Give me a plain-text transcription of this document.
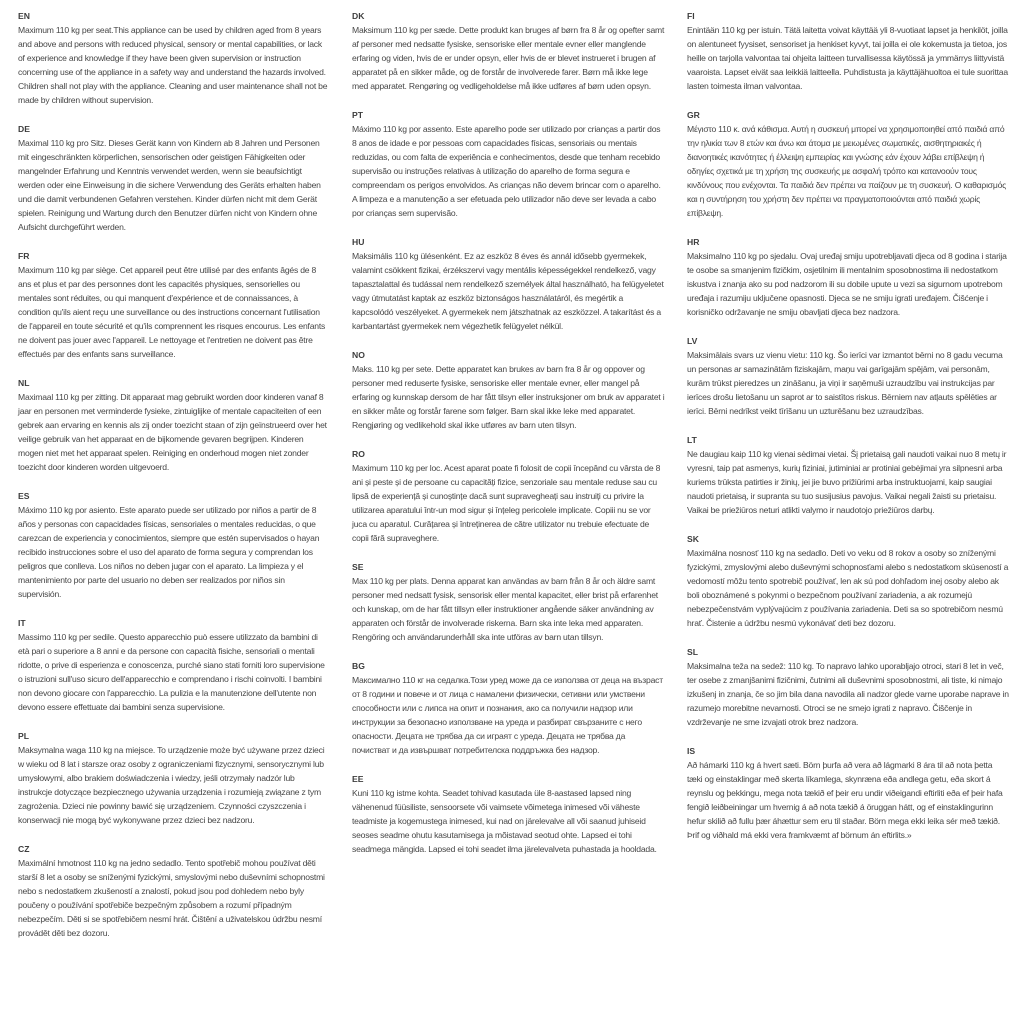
EN
Maximum 110 kg per seat.This appliance can be used by children aged from 8 years and above and persons with reduced physical, sensory or mental capabilities, or lack of experience and knowledge if they have been given supervision or instruction concerning use of the appliance in a safety way and understand the hazards involved. Children shall not play with the appliance. Cleaning and user maintenance shall not be made by children without supervision.
DE
Maximal 110 kg pro Sitz. Dieses Gerät kann von Kindern ab 8 Jahren und Personen mit eingeschränkten körperlichen, sensorischen oder geistigen Fähigkeiten oder mangelnder Erfahrung und Kenntnis verwendet werden, wenn sie beaufsichtigt werden oder eine Einweisung in die sichere Verwendung des Geräts erhalten haben und die damit verbundenen Gefahren verstehen. Kinder dürfen nicht mit dem Gerät spielen. Reinigung und Wartung durch den Benutzer dürfen nicht von Kindern ohne Aufsicht durchgeführt werden.
FR
Maximum 110 kg par siège. Cet appareil peut être utilisé par des enfants âgés de 8 ans et plus et par des personnes dont les capacités physiques, sensorielles ou mentales sont réduites, ou qui manquent d'expérience et de connaissances, à condition qu'ils aient reçu une surveillance ou des instructions concernant l'utilisation de l'appareil en toute sécurité et qu'ils comprennent les risques encourus. Les enfants ne doivent pas jouer avec l'appareil. Le nettoyage et l'entretien ne doivent pas être effectués par des enfants sans surveillance.
NL
Maximaal 110 kg per zitting. Dit apparaat mag gebruikt worden door kinderen vanaf 8 jaar en personen met verminderde fysieke, zintuiglijke of mentale capaciteiten of een gebrek aan ervaring en kennis als zij onder toezicht staan of zijn geïnstrueerd over het veilige gebruik van het apparaat en de bijkomende gevaren begrijpen. Kinderen mogen niet met het apparaat spelen. Reiniging en onderhoud mogen niet zonder toezicht door kinderen worden uitgevoerd.
ES
Máximo 110 kg por asiento. Este aparato puede ser utilizado por niños a partir de 8 años y personas con capacidades físicas, sensoriales o mentales reducidas, o que carezcan de experiencia y conocimientos, siempre que estén supervisados o hayan recibido instrucciones sobre el uso del aparato de forma segura y comprendan los peligros que conlleva. Los niños no deben jugar con el aparato. La limpieza y el mantenimiento por parte del usuario no deben ser realizados por niños sin supervisión.
IT
Massimo 110 kg per sedile. Questo apparecchio può essere utilizzato da bambini di età pari o superiore a 8 anni e da persone con capacità fisiche, sensoriali o mentali ridotte, o prive di esperienza e conoscenza, purché siano stati forniti loro supervisione o istruzioni sull'uso sicuro dell'apparecchio e comprendano i rischi coinvolti. I bambini non devono giocare con l'apparecchio. La pulizia e la manutenzione dell'utente non devono essere effettuate dai bambini senza supervisione.
PL
Maksymalna waga 110 kg na miejsce. To urządzenie może być używane przez dzieci w wieku od 8 lat i starsze oraz osoby z ograniczeniami fizycznymi, sensorycznymi lub umysłowymi, albo brakiem doświadczenia i wiedzy, jeśli otrzymały nadzór lub instrukcje dotyczące bezpiecznego używania urządzenia i rozumieją związane z tym zagrożenia. Dzieci nie powinny bawić się urządzeniem. Czynności czyszczenia i konserwacji nie mogą być wykonywane przez dzieci bez nadzoru.
CZ
Maximální hmotnost 110 kg na jedno sedadlo. Tento spotřebič mohou používat děti starší 8 let a osoby se sníženými fyzickými, smyslovými nebo duševními schopnostmi nebo s nedostatkem zkušeností a znalostí, pokud jsou pod dohledem nebo byly poučeny o používání spotřebiče bezpečným způsobem a rozumí případným nebezpečím. Děti si se spotřebičem nesmí hrát. Čištění a uživatelskou údržbu nesmí provádět děti bez dozoru.
DK
Maksimum 110 kg per sæde. Dette produkt kan bruges af børn fra 8 år og opefter samt af personer med nedsatte fysiske, sensoriske eller mentale evner eller manglende erfaring og viden, hvis de er under opsyn, eller hvis de er blevet instrueret i brugen af apparatet på en sikker måde, og de forstår de involverede farer. Børn må ikke lege med apparatet. Rengøring og vedligeholdelse må ikke udføres af børn uden opsyn.
PT
Máximo 110 kg por assento. Este aparelho pode ser utilizado por crianças a partir dos 8 anos de idade e por pessoas com capacidades físicas, sensoriais ou mentais reduzidas, ou com falta de experiência e conhecimentos, desde que tenham recebido supervisão ou instruções relativas à utilização do aparelho de forma segura e compreendam os perigos envolvidos. As crianças não devem brincar com o aparelho. A limpeza e a manutenção a ser efetuada pelo utilizador não deve ser levada a cabo por crianças sem supervisão.
HU
Maksimális 110 kg ülésenként. Ez az eszköz 8 éves és annál idősebb gyermekek, valamint csökkent fizikai, érzékszervi vagy mentális képességekkel rendelkező, vagy tapasztalattal és tudással nem rendelkező személyek által használható, ha felügyeletet vagy útmutatást kaptak az eszköz biztonságos használatáról, és megértik a kapcsolódó veszélyeket. A gyermekek nem játszhatnak az eszközzel. A takarítást és a karbantartást gyermekek nem végezhetik felügyelet nélkül.
NO
Maks. 110 kg per sete. Dette apparatet kan brukes av barn fra 8 år og oppover og personer med reduserte fysiske, sensoriske eller mentale evner, eller mangel på erfaring og kunnskap dersom de har fått tilsyn eller instruksjoner om bruk av apparatet i en sikker måte og forstår farene som følger. Barn skal ikke leke med apparatet. Rengjøring og vedlikehold skal ikke utføres av barn uten tilsyn.
RO
Maximum 110 kg per loc. Acest aparat poate fi folosit de copii începând cu vârsta de 8 ani și peste și de persoane cu capacități fizice, senzoriale sau mentale reduse sau cu lipsă de experiență și cunoștințe dacă sunt supravegheați sau instruiți cu privire la utilizarea aparatului într-un mod sigur și înțeleg pericolele implicate. Copiii nu se vor juca cu aparatul. Curățarea și întreținerea de către utilizator nu trebuie efectuate de copii fără supraveghere.
SE
Max 110 kg per plats. Denna apparat kan användas av barn från 8 år och äldre samt personer med nedsatt fysisk, sensorisk eller mental kapacitet, eller brist på erfarenhet och kunskap, om de har fått tillsyn eller instruktioner angående säker användning av apparaten och förstår de involverade riskerna. Barn ska inte leka med apparaten. Rengöring och användarunderhåll ska inte utföras av barn utan tillsyn.
BG
Максимално 110 кг на седалка.Този уред може да се използва от деца на възраст от 8 години и повече и от лица с намалени физически, сетивни или умствени способности или с липса на опит и познания, ако са получили надзор или инструкции за безопасно използване на уреда и разбират свързаните с него опасности. Децата не трябва да си играят с уреда. Децата не трябва да почистват и да извършват потребителска поддръжка без надзор.
EE
Kuni 110 kg istme kohta. Seadet tohivad kasutada üle 8-aastased lapsed ning vähenenud füüsiliste, sensoorsete või vaimsete võimetega inimesed või väheste teadmiste ja kogemustega inimesed, kui nad on järelevalve all või saanud juhiseid seoses seadme ohutu kasutamisega ja mõistavad seotud ohte. Lapsed ei tohi seadmega mängida. Lapsed ei tohi seadet ilma järelevalveta puhastada ja hooldada.
FI
Enintään 110 kg per istuin. Tätä laitetta voivat käyttää yli 8-vuotiaat lapset ja henkilöt, joilla on alentuneet fyysiset, sensoriset ja henkiset kyvyt, tai joilla ei ole kokemusta ja tietoa, jos heille on tarjolla valvontaa tai ohjeita laitteen turvallisessa käytössä ja ymmärrys liittyvistä vaaroista. Lapset eivät saa leikkiä laitteella. Puhdistusta ja käyttäjähuoltoa ei tule suorittaa lasten toimesta ilman valvontaa.
GR
Μέγιστο 110 κ. ανά κάθισμα. Αυτή η συσκευή μπορεί να χρησιμοποιηθεί από παιδιά από την ηλικία των 8 ετών και άνω και άτομα με μειωμένες σωματικές, αισθητηριακές ή διανοητικές ικανότητες ή έλλειψη εμπειρίας και γνώσης εάν έχουν λάβει επίβλεψη ή οδηγίες σχετικά με τη χρήση της συσκευής με ασφαλή τρόπο και κατανοούν τους κινδύνους που ενέχονται. Τα παιδιά δεν πρέπει να παίζουν με τη συσκευή. Ο καθαρισμός και η συντήρηση του χρήστη δεν πρέπει να πραγματοποιούνται από παιδιά χωρίς επίβλεψη.
HR
Maksimalno 110 kg po sjedalu. Ovaj uređaj smiju upotrebljavati djeca od 8 godina i starija te osobe sa smanjenim fizičkim, osjetilnim ili mentalnim sposobnostima ili nedostatkom iskustva i znanja ako su pod nadzorom ili su dobile upute u vezi sa sigurnom upotrebom uređaja i razumiju uključene opasnosti. Djeca se ne smiju igrati uređajem. Čišćenje i korisničko održavanje ne smiju obavljati djeca bez nadzora.
LV
Maksimālais svars uz vienu vietu: 110 kg. Šo ierīci var izmantot bērni no 8 gadu vecuma un personas ar samazinātām fiziskajām, maņu vai garīgajām spējām, vai personām, kurām trūkst pieredzes un zināšanu, ja viņi ir saņēmuši uzraudzību vai instrukcijas par ierīces drošu lietošanu un saprot ar to saistītos riskus. Bērniem nav atļauts spēlēties ar ierīci. Bērni nedrīkst veikt tīrīšanu un uzturēšanu bez uzraudzības.
LT
Ne daugiau kaip 110 kg vienai sėdimai vietai. Šį prietaisą gali naudoti vaikai nuo 8 metų ir vyresni, taip pat asmenys, kurių fiziniai, jutiminiai ar protiniai gebėjimai yra silpnesni arba kuriems trūksta patirties ir žinių, jei jie buvo prižiūrimi arba instruktuojami, kaip saugiai naudoti prietaisą, ir supranta su tuo susijusius pavojus. Vaikai negali žaisti su prietaisu. Vaikai be priežiūros neturi atlikti valymo ir naudotojo priežiūros darbų.
SK
Maximálna nosnosť 110 kg na sedadlo. Deti vo veku od 8 rokov a osoby so zníženými fyzickými, zmyslovými alebo duševnými schopnosťami alebo s nedostatkom skúseností a vedomostí môžu tento spotrebič používať, len ak sú pod dohľadom inej osoby alebo ak boli oboznámené s pokynmi o bezpečnom používaní zariadenia, a ak rozumejú nebezpečenstvám vyplývajúcim z používania zariadenia. Deti sa so spotrebičom nesmú hrať. Čistenie a údržbu nesmú vykonávať deti bez dozoru.
SL
Maksimalna teža na sedež: 110 kg. To napravo lahko uporabljajo otroci, stari 8 let in več, ter osebe z zmanjšanimi fizičnimi, čutnimi ali duševnimi sposobnostmi, ali tiste, ki nimajo izkušenj in znanja, če so jim bila dana navodila ali nadzor glede varne uporabe naprave in razumejo morebitne nevarnosti. Otroci se ne smejo igrati z napravo. Čiščenje in vzdrževanje ne sme izvajati otrok brez nadzora.
IS
Að hámarki 110 kg á hvert sæti. Börn þurfa að vera að lágmarki 8 ára til að nota þetta tæki og einstaklingar með skerta líkamlega, skynræna eða andlega getu, eða skort á reynslu og þekkingu, mega nota tækið ef þeir eru undir viðeigandi eftirliti eða ef þeir hafa fengið leiðbeiningar um hvernig á að nota tækið á öruggan hátt, og ef einstaklingurinn hefur skilið að fullu þær áhættur sem eru til staðar. Börn mega ekki leika sér með tækið. Þrif og viðhald má ekki vera framkvæmt af börnum án eftirlits.»
